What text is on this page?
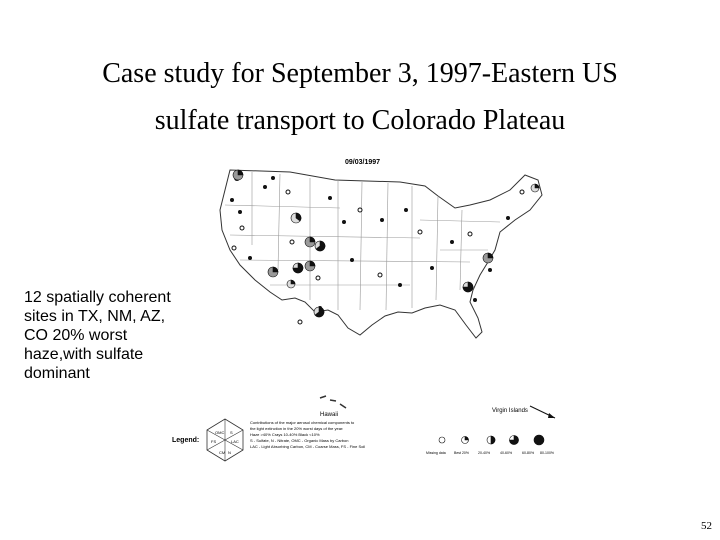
Case study for September 3, 1997-Eastern US
sulfate transport to Colorado Plateau
09/03/1997
Hawaii
Virgin Islands
Legend:
OMC S
FS	LAC
CM N
Contributions of the major aerosol chemical components to
the light extinction in the 20% worst days of the year:
Haze >40% Crays 10-40% Black <10%
S - Sulfate, N - Nitrate, OMC - Organic Mass by Carbon
LAC - Light Absorbing Carbon, CM - Coarse Mass, FS - Fine Soil
Missing data Best 20%	20-40%	40-60%	60-80% 80-100%
12 spatially coherent
sites in TX, NM, AZ,
CO 20% worst
haze,with sulfate
dominant
52
